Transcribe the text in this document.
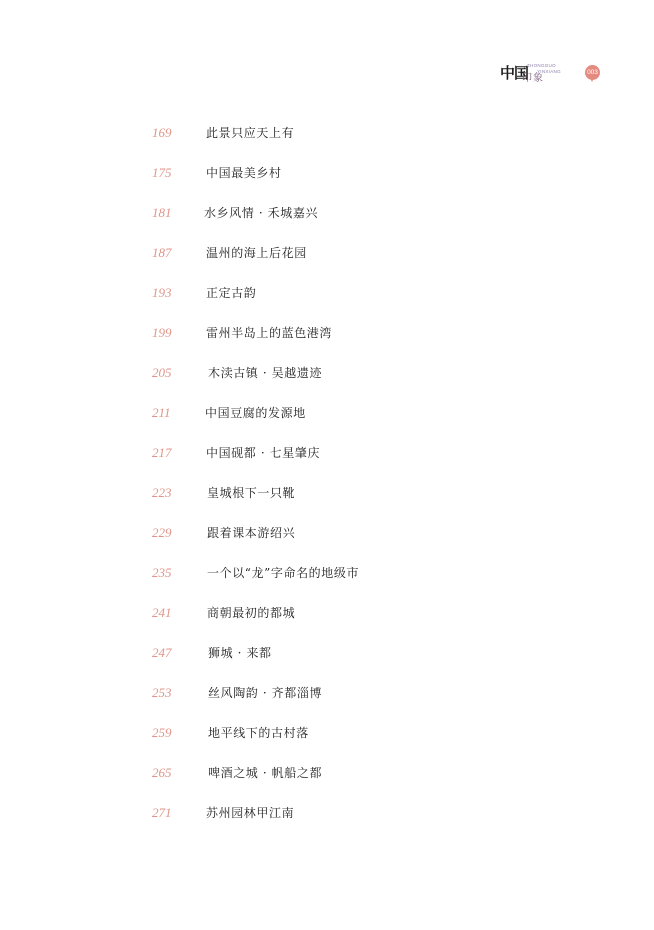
中国
ZHONGGUO
YINXIANG
印象
003
169	此景只应天上有
175	中国最美乡村
181	水乡风情 · 禾城嘉兴
187	温州的海上后花园
193	正定古韵
199	雷州半岛上的蓝色港湾
205	木渎古镇 · 吴越遗迹
211	中国豆腐的发源地
217	中国砚都 · 七星肇庆
223	皇城根下一只靴
229	跟着课本游绍兴
235	一个以“龙”字命名的地级市
241	商朝最初的都城
247	狮城 · 来都
253	丝风陶韵 · 齐都淄博
259	地平线下的古村落
265	啤酒之城 · 帆船之都
271	苏州园林甲江南
